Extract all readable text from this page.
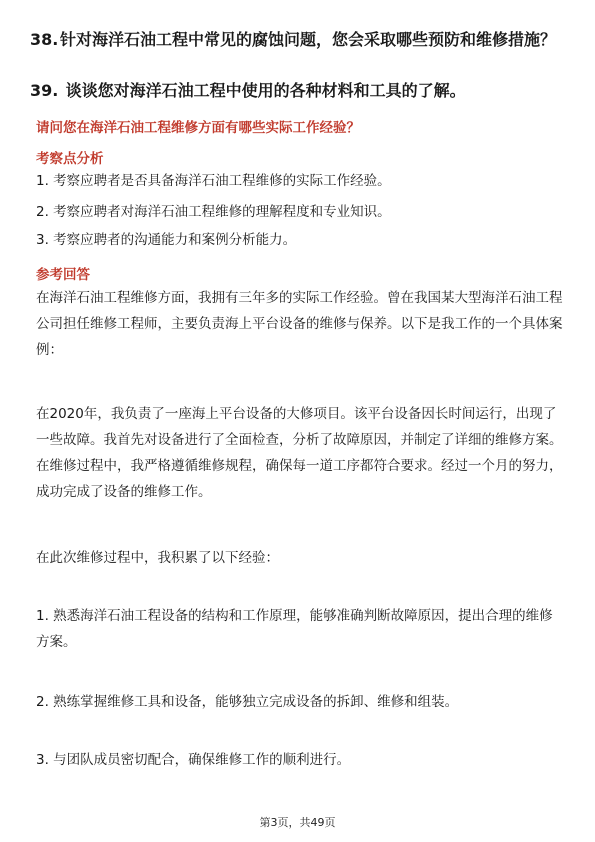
38. 针对海洋石油工程中常见的腐蚀问题，您会采取哪些预防和维修措施？
39. 谈谈您对海洋石油工程中使用的各种材料和工具的了解。
请问您在海洋石油工程维修方面有哪些实际工作经验？
考察点分析
1. 考察应聘者是否具备海洋石油工程维修的实际工作经验。
2. 考察应聘者对海洋石油工程维修的理解程度和专业知识。
3. 考察应聘者的沟通能力和案例分析能力。
参考回答
在海洋石油工程维修方面，我拥有三年多的实际工作经验。曾在我国某大型海洋石油工程公司担任维修工程师，主要负责海上平台设备的维修与保养。以下是我工作的一个具体案例：
在2020年，我负责了一座海上平台设备的大修项目。该平台设备因长时间运行，出现了一些故障。我首先对设备进行了全面检查，分析了故障原因，并制定了详细的维修方案。在维修过程中，我严格遵循维修规程，确保每一道工序都符合要求。经过一个月的努力，成功完成了设备的维修工作。
在此次维修过程中，我积累了以下经验：
1. 熟悉海洋石油工程设备的结构和工作原理，能够准确判断故障原因，提出合理的维修方案。
2. 熟练掌握维修工具和设备，能够独立完成设备的拆卸、维修和组装。
3. 与团队成员密切配合，确保维修工作的顺利进行。
第3页，共49页
